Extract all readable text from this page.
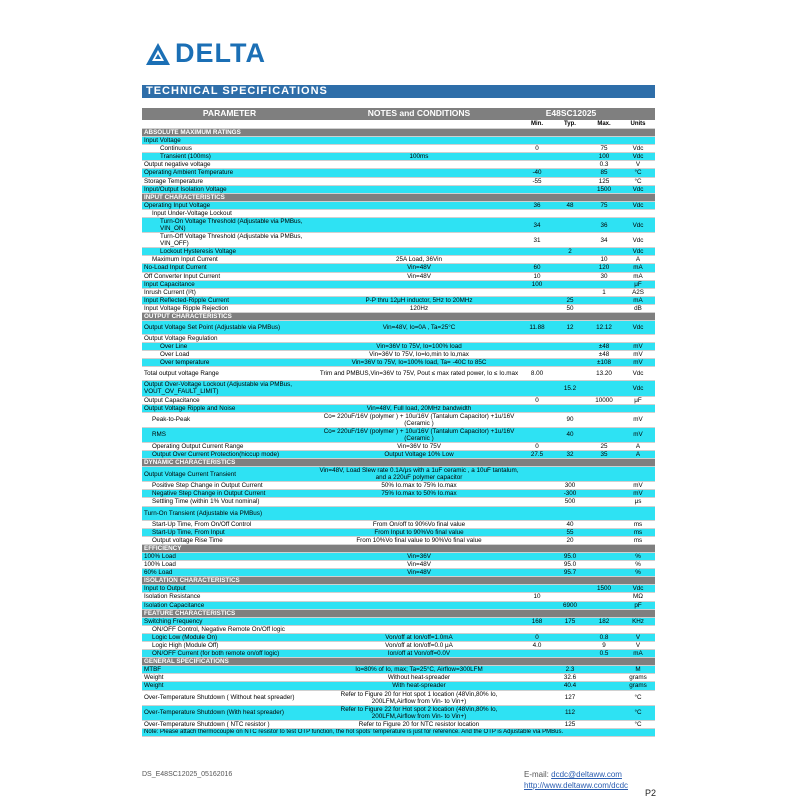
DELTA
TECHNICAL SPECIFICATIONS
PARAMETER	NOTES and CONDITIONS	E48SC12025			
		Min.	Typ.	Max.	Units
ABSOLUTE MAXIMUM RATINGS					
Input Voltage					
Continuous		0		75	Vdc
Transient (100ms)	100ms			100	Vdc
Output negative voltage				0.3	V
Operating Ambient Temperature		-40		85	°C
Storage Temperature		-55		125	°C
Input/Output Isolation Voltage				1500	Vdc
INPUT CHARACTERISTICS					
Operating Input Voltage		36	48	75	Vdc
Input Under-Voltage Lockout					
Turn-On Voltage Threshold (Adjustable via PMBus, VIN_ON)		34		36	Vdc
Turn-Off Voltage Threshold (Adjustable via PMBus, VIN_OFF)		31		34	Vdc
Lockout Hysteresis Voltage			2		Vdc
Maximum Input Current	25A Load, 36Vin			10	A
No-Load Input Current	Vin=48V	60		120	mA
Off Converter Input Current	Vin=48V	10		30	mA
Input Capacitance		100			μF
Inrush Current (I²t)				1	A2S
Input Reflected-Ripple Current	P-P thru 12μH inductor, 5Hz to 20MHz		25		mA
Input Voltage Ripple Rejection	120Hz		50		dB
OUTPUT CHARACTERISTICS					
Output Voltage Set Point (Adjustable via PMBus)	Vin=48V, Io=0A , Ta=25°C	11.88	12	12.12	Vdc
Output Voltage Regulation					
Over Line	Vin=36V to 75V, Io=100% load			±48	mV
Over Load	Vin=36V to 75V, Io=lo,min to lo,max			±48	mV
Over temperature	Vin=36V to 75V, Io=100% load, Ta= -40C to 85C			±108	mV
Total output voltage Range	Trim and PMBUS,Vin=36V to 75V, Pout ≤ max rated power, Io ≤ Io.max	8.00		13.20	Vdc
Output Over-Voltage Lockout (Adjustable via PMBus, VOUT_OV_FAULT_LIMIT)			15.2		Vdc
Output Capacitance		0		10000	μF
Output Voltage Ripple and Noise	Vin=48V, Full load, 20MHz bandwidth				
Peak-to-Peak	Co= 220uF/16V (polymer ) + 10u/16V (Tantalum Capacitor) +1u/16V (Ceramic )		90		mV
RMS	Co= 220uF/16V (polymer ) + 10u/16V (Tantalum Capacitor) +1u/16V (Ceramic )		40		mV
Operating Output Current Range	Vin=36V to 75V	0		25	A
Output Over Current Protection(hiccup mode)	Output Voltage 10% Low	27.5	32	35	A
DYNAMIC CHARACTERISTICS					
Output Voltage Current Transient	Vin=48V, Load Slew rate 0.1A/μs with a 1uF ceramic , a 10uF tantalum, and a 220uF polymer capacitor				
Positive Step Change in Output Current	50% Io.max to 75% Io.max		300		mV
Negative Step Change in Output Current	75% Io.max to 50% Io.max		-300		mV
Settling Time (within 1% Vout nominal)			500		μs
Turn-On Transient (Adjustable via PMBus)					
Start-Up Time, From On/Off Control	From On/off to 90%Vo final value		40		ms
Start-Up Time, From Input	From Input to 90%Vo final value		55		ms
Output voltage Rise Time	From 10%Vo final value to 90%Vo final value		20		ms
EFFICIENCY					
100% Load	Vin=36V		95.0		%
100% Load	Vin=48V		95.0		%
60% Load	Vin=48V		95.7		%
ISOLATION CHARACTERISTICS					
Input to Output				1500	Vdc
Isolation Resistance		10			MΩ
Isolation Capacitance			6900		pF
FEATURE CHARACTERISTICS					
Switching Frequency		168	175	182	KHz
ON/OFF Control, Negative Remote On/Off logic					
Logic Low (Module On)	Von/off at Ion/off=1.0mA	0		0.8	V
Logic High (Module Off)	Von/off at Ion/off=0.0 μA	4.0		9	V
ON/OFF Current (for both remote on/off logic)	Ion/off at Von/off=0.0V			0.5	mA
GENERAL SPECIFICATIONS					
MTBF	Io=80% of Io, max; Ta=25°C, Airflow=300LFM		2.3		M
Weight	Without heat-spreader		32.6		grams
Weight	With heat-spreader		40.4		grams
Over-Temperature Shutdown ( Without heat spreader)	Refer to Figure 20 for Hot spot 1 location (48Vin,80% Io, 200LFM,Airflow from Vin- to Vin+)		127		°C
Over-Temperature Shutdown (With heat spreader)	Refer to Figure 22 for Hot spot 2 location (48Vin,80% Io, 200LFM,Airflow from Vin- to Vin+)		112		°C
Over-Temperature Shutdown ( NTC resistor )	Refer to Figure 20 for NTC resistor location		125		°C
Note: Please attach thermocouple on NTC resistor to test OTP function, the hot spots' temperature is just for reference. And the OTP is Adjustable via PMBus.					
DS_E48SC12025_05162016	E-mail: dcdc@deltaww.com
http://www.deltaww.com/dcdc
P2
